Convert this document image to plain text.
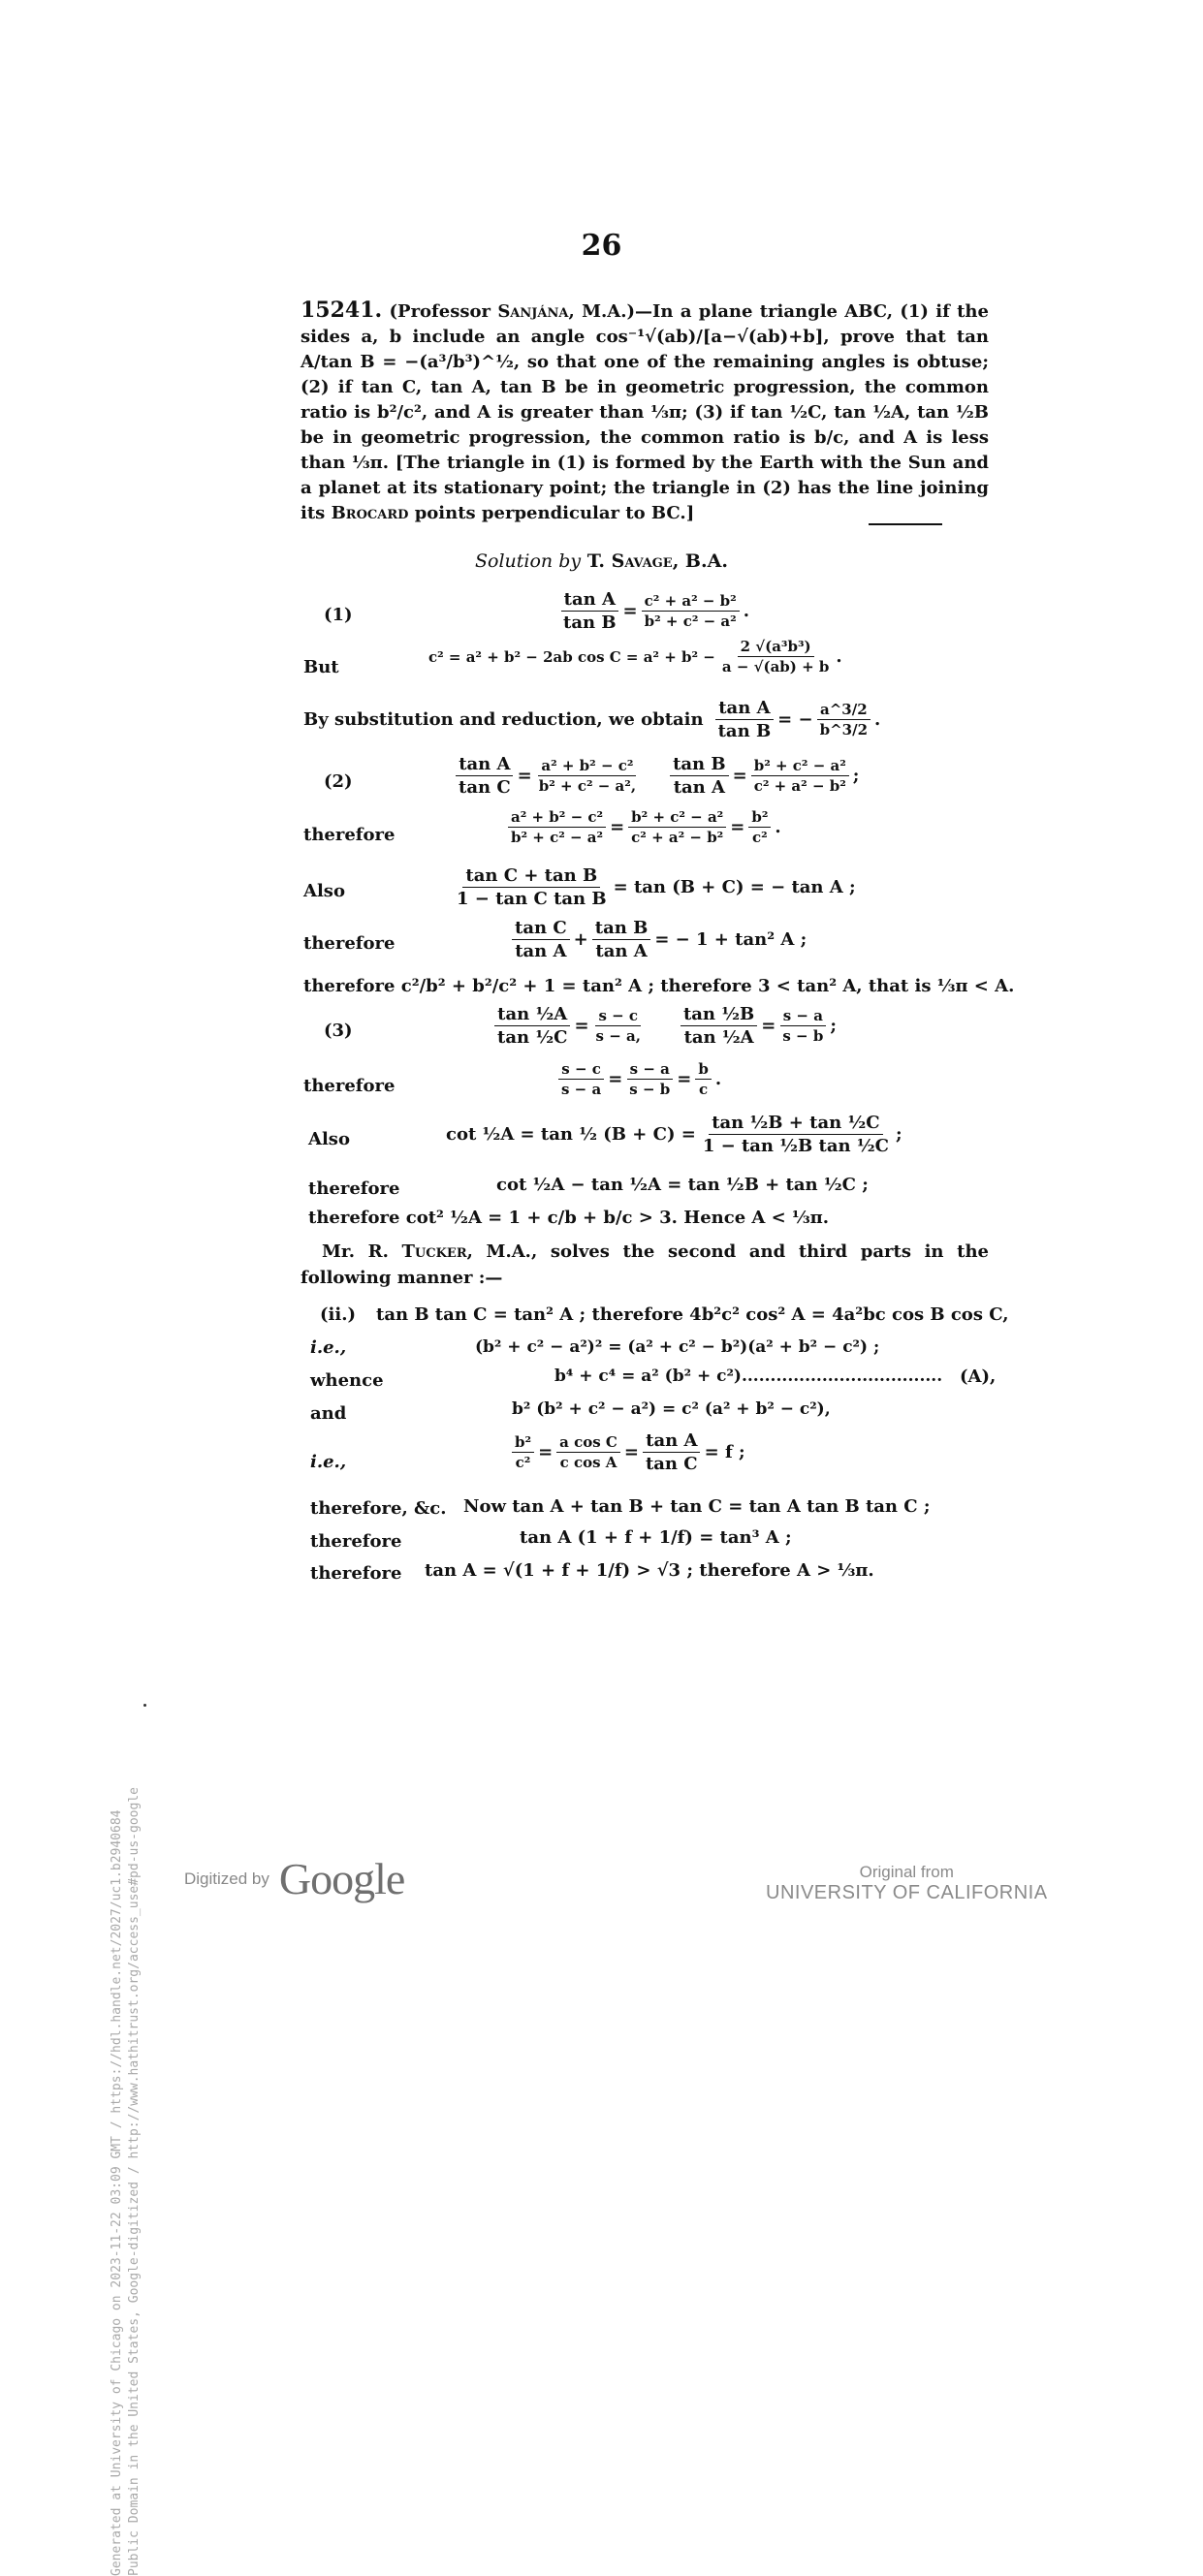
26
15241. (Professor Sanjána, M.A.)—In a plane triangle ABC, (1) if the sides a, b include an angle cos⁻¹√(ab)/[a−√(ab)+b], prove that tan A/tan B = −(a³/b³)^½, so that one of the remaining angles is obtuse; (2) if tan C, tan A, tan B be in geometric progression, the common ratio is b²/c², and A is greater than ⅓π; (3) if tan ½C, tan ½A, tan ½B be in geometric progression, the common ratio is b/c, and A is less than ⅓π. [The triangle in (1) is formed by the Earth with the Sun and a planet at its stationary point; the triangle in (2) has the line joining its Brocard points perpendicular to BC.]
Solution by T. Savage, B.A.
(1)	$\frac{\text{tan A}}{\text{tan B}} = \frac{\text{c² + a² − b²}}{\text{b² + c² − a²}}$ .
But
c² = a² + b² − 2ab $\cos C = a^2 + b^2 - \frac{\text{2 √(a³b³)}}{a - √(ab) + b}$ .
By substitution and reduction, we obtain $\frac{\text{tan A}}{\text{tan B}}$ = − $\frac{a\^{}3/2}{b\^{}3/2}$ .
(2)	$\frac{\text{tan A}}{\text{tan C}} = \frac{\text{a² + b² − c²}}{\text{b² + c² − a²,}} \frac{\text{tan B}}{\text{tan A}} = \frac{\text{b² + c² − a²}}{\text{c² + a² − b²}}$ ;
therefore	$\frac{\text{a² + b² − c²}}{\text{b² + c² − a²}} = \frac{\text{b² + c² − a²}}{\text{c² + a² − b²}} = \frac{\text{b²}}{\text{c²}}$ .
Also	$\frac{\text{tan C + tan B}}{\text{1 − tan C tan B}} = \tan (B + C)$ = − tan A ;
therefore	$\frac{\text{tan C}}{\text{tan A}} + \frac{\text{tan B}}{\text{tan A}}$ = − 1 + tan² A ;
therefore c²/b² + b²/c² + 1 = tan² A ; therefore 3 < tan² A, that is ⅓π < A.
(3)	$\frac{\text{tan ½A}}{\text{tan ½C}} = \frac{s - c}{s - a,} \frac{\text{tan ½B}}{\text{tan ½A}} = \frac{s - a}{s - b}$ ;
therefore	$\frac{s - c}{s - a} = \frac{s - a}{s - b} = \frac{b}{c}$ .
Also	cot ½A = tan ½ $(B + C) = \frac{\text{tan ½B + tan ½C}}{\text{1 − tan ½B tan ½C}}$ ;
therefore	cot ½A − tan ½A = tan ½B + tan ½C ;
therefore cot² ½A = 1 + c/b + b/c > 3. Hence A < ⅓π.
Mr. R. Tucker, M.A., solves the second and third parts in the following manner :—
(ii.) tan B tan C = tan² A ; therefore 4b²c² cos² A = 4a²bc cos B cos C,
i.e.,	(b² + c² − a²)² = (a² + c² − b²)(a² + b² − c²) ;
whence	b⁴ + c⁴ = a² (b² + c²)................................... (A),
and	b² (b² + c² − a²) = c² (a² + b² − c²),
i.e.,	$\frac{\text{b²}}{\text{c²}} = \frac{\text{a cos C}}{\text{c cos A}} = \frac{\text{tan A}}{\text{tan C}} = f$ ;
therefore, &c. Now tan A + tan B + tan C = tan A tan B tan C ;
therefore	tan A (1 + f + 1/f) = tan³ A ;
therefore tan A = √(1 + f + 1/f) > √3 ; therefore A > ⅓π.
Generated at University of Chicago on 2023-11-22 03:09 GMT / https://hdl.handle.net/2027/uc1.b2940684 Public Domain in the United States, Google-digitized / http://www.hathitrust.org/access_use#pd-us-google	Digitized by Google	Original from
UNIVERSITY OF CALIFORNIA
